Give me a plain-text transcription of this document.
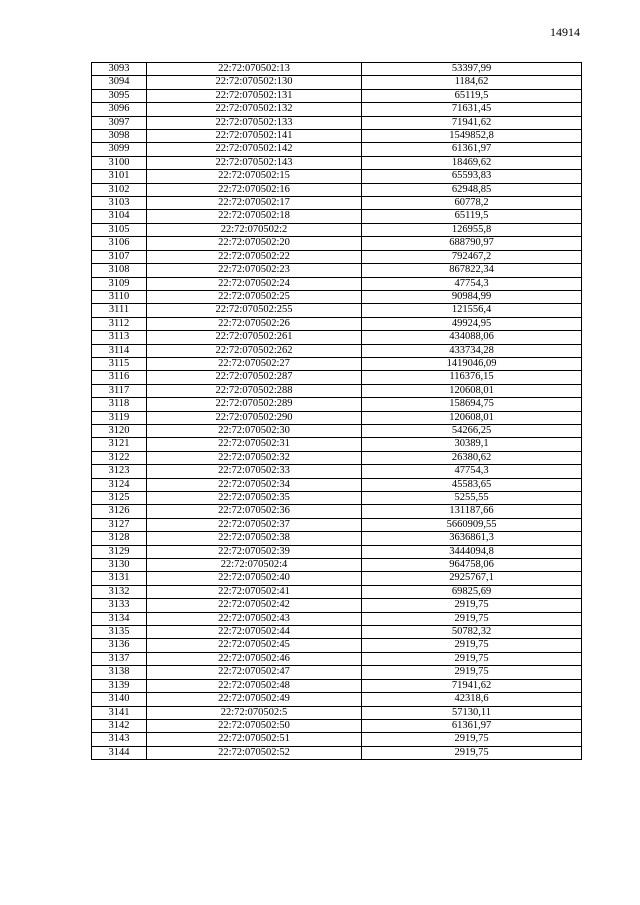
14914
3093	22:72:070502:13	53397,99
3094	22:72:070502:130	1184,62
3095	22:72:070502:131	65119,5
3096	22:72:070502:132	71631,45
3097	22:72:070502:133	71941,62
3098	22:72:070502:141	1549852,8
3099	22:72:070502:142	61361,97
3100	22:72:070502:143	18469,62
3101	22:72:070502:15	65593,83
3102	22:72:070502:16	62948,85
3103	22:72:070502:17	60778,2
3104	22:72:070502:18	65119,5
3105	22:72:070502:2	126955,8
3106	22:72:070502:20	688790,97
3107	22:72:070502:22	792467,2
3108	22:72:070502:23	867822,34
3109	22:72:070502:24	47754,3
3110	22:72:070502:25	90984,99
3111	22:72:070502:255	121556,4
3112	22:72:070502:26	49924,95
3113	22:72:070502:261	434088,06
3114	22:72:070502:262	433734,28
3115	22:72:070502:27	1419046,09
3116	22:72:070502:287	116376,15
3117	22:72:070502:288	120608,01
3118	22:72:070502:289	158694,75
3119	22:72:070502:290	120608,01
3120	22:72:070502:30	54266,25
3121	22:72:070502:31	30389,1
3122	22:72:070502:32	26380,62
3123	22:72:070502:33	47754,3
3124	22:72:070502:34	45583,65
3125	22:72:070502:35	5255,55
3126	22:72:070502:36	131187,66
3127	22:72:070502:37	5660909,55
3128	22:72:070502:38	3636861,3
3129	22:72:070502:39	3444094,8
3130	22:72:070502:4	964758,06
3131	22:72:070502:40	2925767,1
3132	22:72:070502:41	69825,69
3133	22:72:070502:42	2919,75
3134	22:72:070502:43	2919,75
3135	22:72:070502:44	50782,32
3136	22:72:070502:45	2919,75
3137	22:72:070502:46	2919,75
3138	22:72:070502:47	2919,75
3139	22:72:070502:48	71941,62
3140	22:72:070502:49	42318,6
3141	22:72:070502:5	57130,11
3142	22:72:070502:50	61361,97
3143	22:72:070502:51	2919,75
3144	22:72:070502:52	2919,75
